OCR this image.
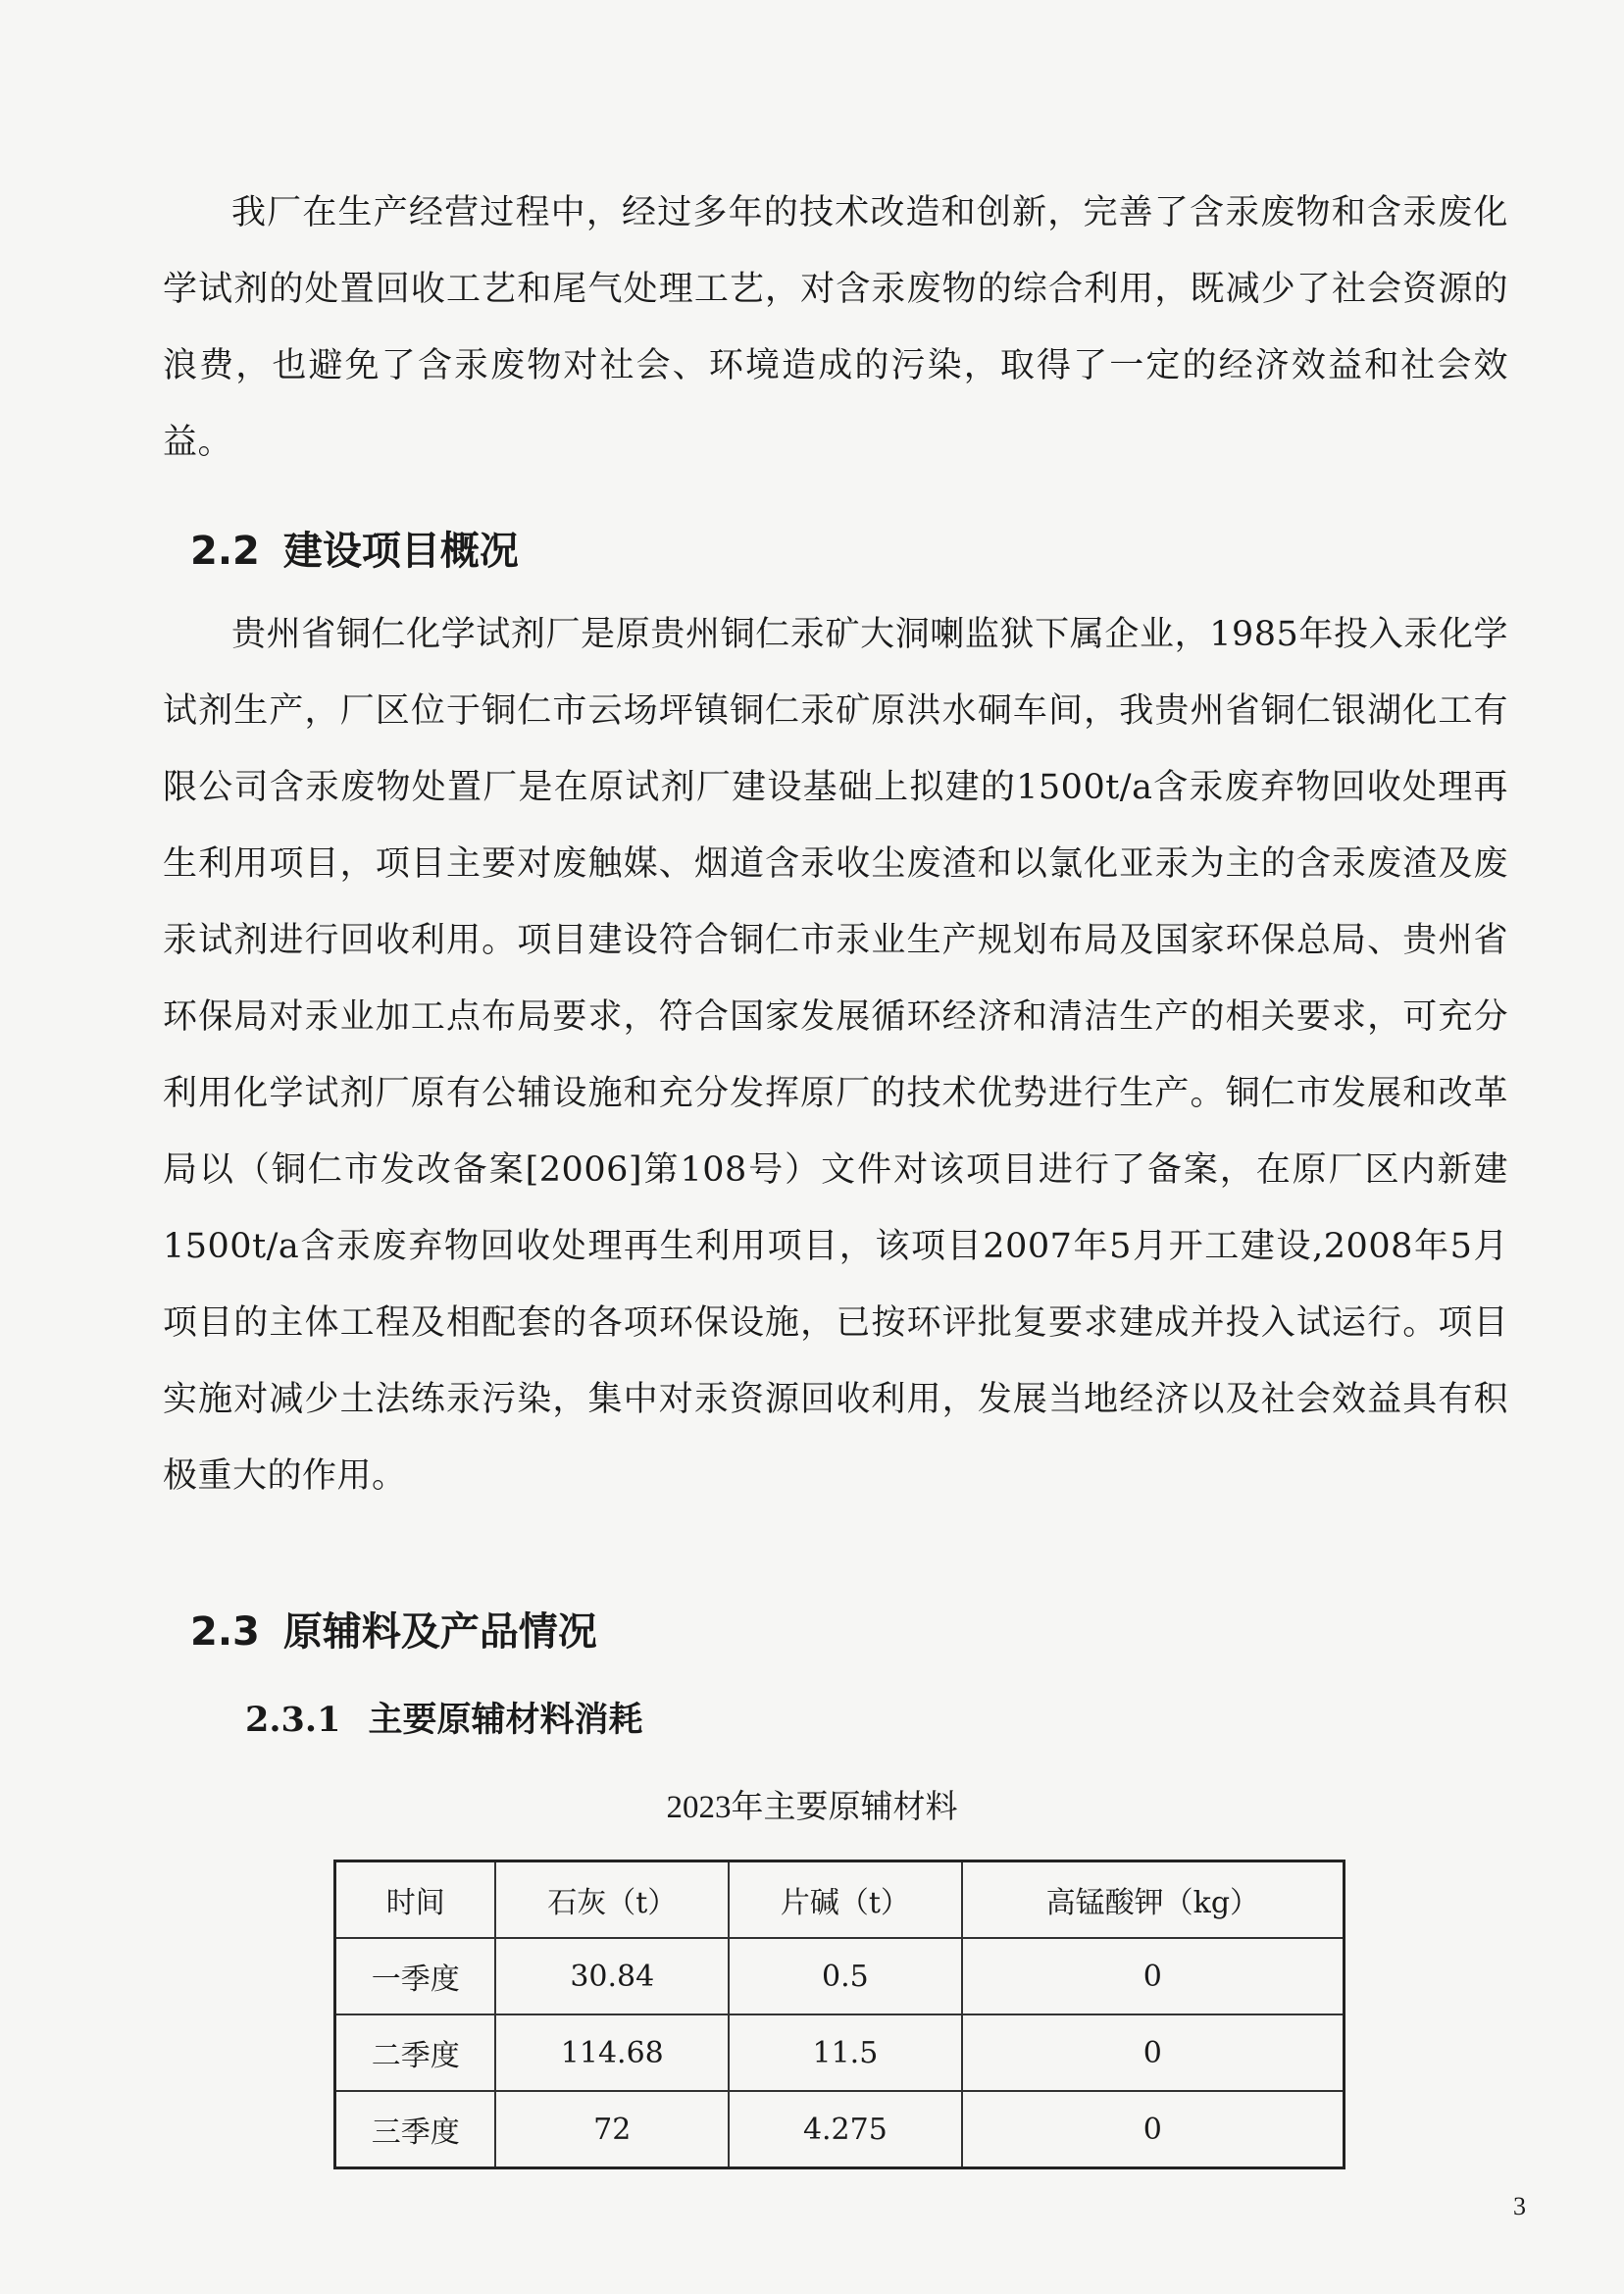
我厂在生产经营过程中，经过多年的技术改造和创新，完善了含汞废物和含汞废化学试剂的处置回收工艺和尾气处理工艺，对含汞废物的综合利用，既减少了社会资源的浪费，也避免了含汞废物对社会、环境造成的污染，取得了一定的经济效益和社会效益。

2.2 建设项目概况

贵州省铜仁化学试剂厂是原贵州铜仁汞矿大洞喇监狱下属企业，1985年投入汞化学试剂生产，厂区位于铜仁市云场坪镇铜仁汞矿原洪水硐车间，我贵州省铜仁银湖化工有限公司含汞废物处置厂是在原试剂厂建设基础上拟建的1500t/a含汞废弃物回收处理再生利用项目，项目主要对废触媒、烟道含汞收尘废渣和以氯化亚汞为主的含汞废渣及废汞试剂进行回收利用。项目建设符合铜仁市汞业生产规划布局及国家环保总局、贵州省环保局对汞业加工点布局要求，符合国家发展循环经济和清洁生产的相关要求，可充分利用化学试剂厂原有公辅设施和充分发挥原厂的技术优势进行生产。铜仁市发展和改革局以（铜仁市发改备案[2006]第108号）文件对该项目进行了备案，在原厂区内新建1500t/a含汞废弃物回收处理再生利用项目，该项目2007年5月开工建设,2008年5月项目的主体工程及相配套的各项环保设施，已按环评批复要求建成并投入试运行。项目实施对减少土法练汞污染，集中对汞资源回收利用，发展当地经济以及社会效益具有积极重大的作用。

2.3 原辅料及产品情况
2.3.1 主要原辅材料消耗

2023年主要原辅材料

时间	石灰（t）	片碱（t）	高锰酸钾（kg）
一季度	30.84	0.5	0
二季度	114.68	11.5	0
三季度	72	4.275	0
3
